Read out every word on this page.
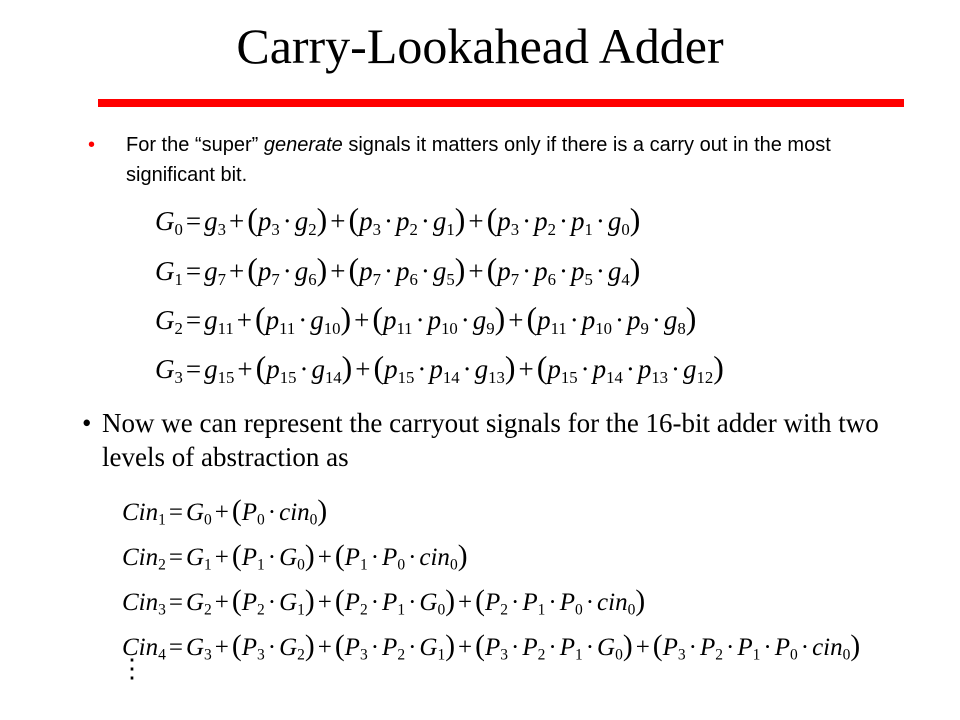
Carry-Lookahead Adder
• For the “super” generate signals it matters only if there is a carry out in the most significant bit.
$G_0 = g_3 +(p_3 \cdot g_2) +(p_3 \cdot p_2 \cdot g_1) +(p_3 \cdot p_2 \cdot p_1 \cdot g_0)$
$G_1 = g_7 +(p_7 \cdot g_6) +(p_7 \cdot p_6 \cdot g_5) +(p_7 \cdot p_6 \cdot p_5 \cdot g_4)$
$G_2 = g_{11} +(p_{11} \cdot g_{10}) +(p_{11} \cdot p_{10} \cdot g_9) +(p_{11} \cdot p_{10} \cdot p_9 \cdot g_8)$
$G_3 = g_{15} +(p_{15} \cdot g_{14}) +(p_{15} \cdot p_{14} \cdot g_{13}) +(p_{15} \cdot p_{14} \cdot p_{13} \cdot g_{12})$
• Now we can represent the carryout signals for the 16-bit adder with two levels of abstraction as
$Cin_1 = G_0 + (P_0 \cdot cin_0)$
$Cin_2 = G_1 + (P_1 \cdot G_0) + (P_1 \cdot P_0 \cdot cin_0)$
$Cin_3 = G_2 + (P_2 \cdot G_1) + (P_2 \cdot P_1 \cdot G_0) + (P_2 \cdot P_1 \cdot P_0 \cdot cin_0)$
$Cin_4 = G_3 + (P_3 \cdot G_2) + (P_3 \cdot P_2 \cdot G_1) + (P_3 \cdot P_2 \cdot P_1 \cdot G_0) + (P_3 \cdot P_2 \cdot P_1 \cdot P_0 \cdot cin_0)$
⋮
